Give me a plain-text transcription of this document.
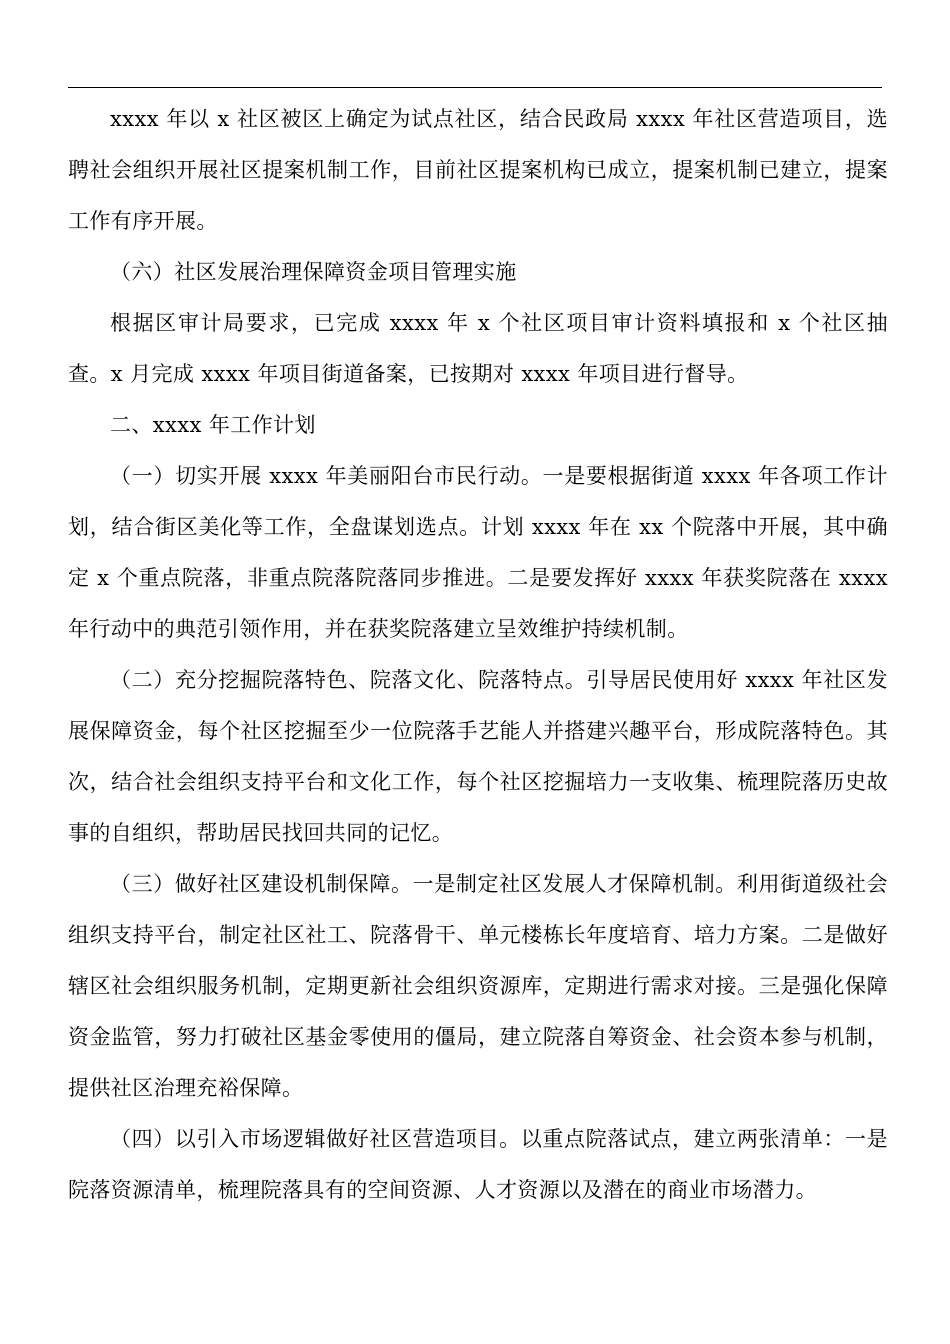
xxxx 年以 x 社区被区上确定为试点社区，结合民政局 xxxx 年社区营造项目，选聘社会组织开展社区提案机制工作，目前社区提案机构已成立，提案机制已建立，提案工作有序开展。

（六）社区发展治理保障资金项目管理实施

根据区审计局要求，已完成 xxxx 年 x 个社区项目审计资料填报和 x 个社区抽查。x 月完成 xxxx 年项目街道备案，已按期对 xxxx 年项目进行督导。

二、xxxx 年工作计划

（一）切实开展 xxxx 年美丽阳台市民行动。一是要根据街道 xxxx 年各项工作计划，结合街区美化等工作，全盘谋划选点。计划 xxxx 年在 xx 个院落中开展，其中确定 x 个重点院落，非重点院落院落同步推进。二是要发挥好 xxxx 年获奖院落在 xxxx 年行动中的典范引领作用，并在获奖院落建立呈效维护持续机制。

（二）充分挖掘院落特色、院落文化、院落特点。引导居民使用好 xxxx 年社区发展保障资金，每个社区挖掘至少一位院落手艺能人并搭建兴趣平台，形成院落特色。其次，结合社会组织支持平台和文化工作，每个社区挖掘培力一支收集、梳理院落历史故事的自组织，帮助居民找回共同的记忆。

（三）做好社区建设机制保障。一是制定社区发展人才保障机制。利用街道级社会组织支持平台，制定社区社工、院落骨干、单元楼栋长年度培育、培力方案。二是做好辖区社会组织服务机制，定期更新社会组织资源库，定期进行需求对接。三是强化保障资金监管，努力打破社区基金零使用的僵局，建立院落自筹资金、社会资本参与机制，提供社区治理充裕保障。

（四）以引入市场逻辑做好社区营造项目。以重点院落试点，建立两张清单：一是院落资源清单，梳理院落具有的空间资源、人才资源以及潜在的商业市场潜力。
